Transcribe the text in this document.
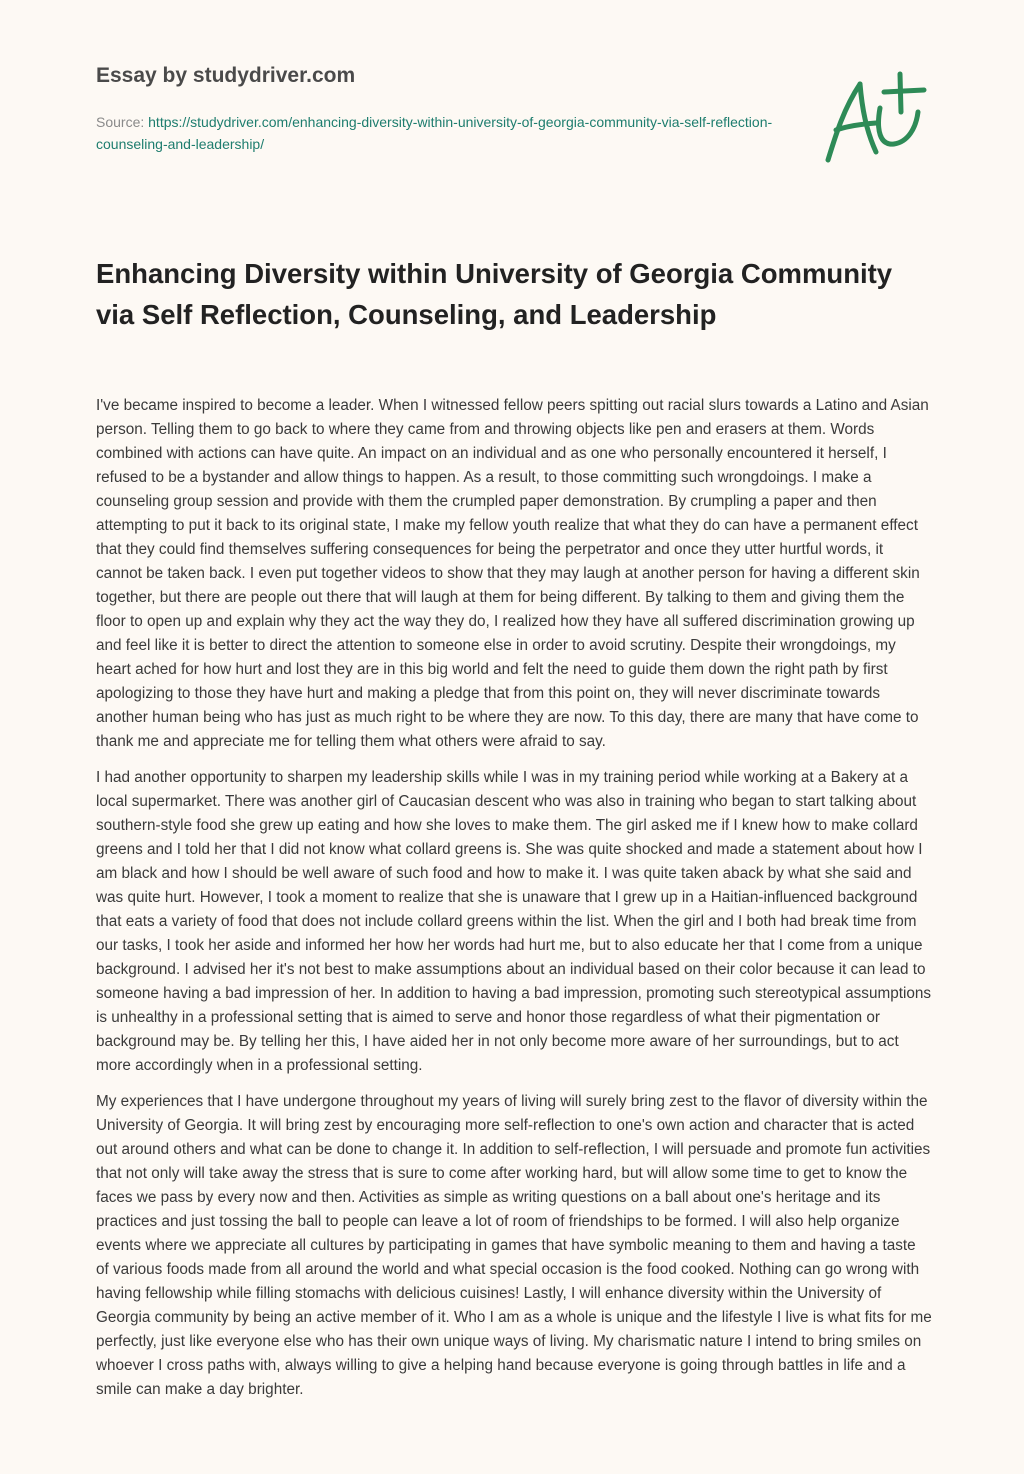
Essay by studydriver.com
Source: https://studydriver.com/enhancing-diversity-within-university-of-georgia-community-via-self-reflection-counseling-and-leadership/
Enhancing Diversity within University of Georgia Community via Self Reflection, Counseling, and Leadership

I've became inspired to become a leader. When I witnessed fellow peers spitting out racial slurs towards a Latino and Asian person. Telling them to go back to where they came from and throwing objects like pen and erasers at them. Words combined with actions can have quite. An impact on an individual and as one who personally encountered it herself, I refused to be a bystander and allow things to happen. As a result, to those committing such wrongdoings. I make a counseling group session and provide with them the crumpled paper demonstration. By crumpling a paper and then attempting to put it back to its original state, I make my fellow youth realize that what they do can have a permanent effect that they could find themselves suffering consequences for being the perpetrator and once they utter hurtful words, it cannot be taken back. I even put together videos to show that they may laugh at another person for having a different skin together, but there are people out there that will laugh at them for being different. By talking to them and giving them the floor to open up and explain why they act the way they do, I realized how they have all suffered discrimination growing up and feel like it is better to direct the attention to someone else in order to avoid scrutiny. Despite their wrongdoings, my heart ached for how hurt and lost they are in this big world and felt the need to guide them down the right path by first apologizing to those they have hurt and making a pledge that from this point on, they will never discriminate towards another human being who has just as much right to be where they are now. To this day, there are many that have come to thank me and appreciate me for telling them what others were afraid to say.

I had another opportunity to sharpen my leadership skills while I was in my training period while working at a Bakery at a local supermarket. There was another girl of Caucasian descent who was also in training who began to start talking about southern-style food she grew up eating and how she loves to make them. The girl asked me if I knew how to make collard greens and I told her that I did not know what collard greens is. She was quite shocked and made a statement about how I am black and how I should be well aware of such food and how to make it. I was quite taken aback by what she said and was quite hurt. However, I took a moment to realize that she is unaware that I grew up in a Haitian-influenced background that eats a variety of food that does not include collard greens within the list. When the girl and I both had break time from our tasks, I took her aside and informed her how her words had hurt me, but to also educate her that I come from a unique background. I advised her it's not best to make assumptions about an individual based on their color because it can lead to someone having a bad impression of her. In addition to having a bad impression, promoting such stereotypical assumptions is unhealthy in a professional setting that is aimed to serve and honor those regardless of what their pigmentation or background may be. By telling her this, I have aided her in not only become more aware of her surroundings, but to act more accordingly when in a professional setting.

My experiences that I have undergone throughout my years of living will surely bring zest to the flavor of diversity within the University of Georgia. It will bring zest by encouraging more self-reflection to one's own action and character that is acted out around others and what can be done to change it. In addition to self-reflection, I will persuade and promote fun activities that not only will take away the stress that is sure to come after working hard, but will allow some time to get to know the faces we pass by every now and then. Activities as simple as writing questions on a ball about one's heritage and its practices and just tossing the ball to people can leave a lot of room of friendships to be formed. I will also help organize events where we appreciate all cultures by participating in games that have symbolic meaning to them and having a taste of various foods made from all around the world and what special occasion is the food cooked. Nothing can go wrong with having fellowship while filling stomachs with delicious cuisines! Lastly, I will enhance diversity within the University of Georgia community by being an active member of it. Who I am as a whole is unique and the lifestyle I live is what fits for me perfectly, just like everyone else who has their own unique ways of living. My charismatic nature I intend to bring smiles on whoever I cross paths with, always willing to give a helping hand because everyone is going through battles in life and a smile can make a day brighter.
